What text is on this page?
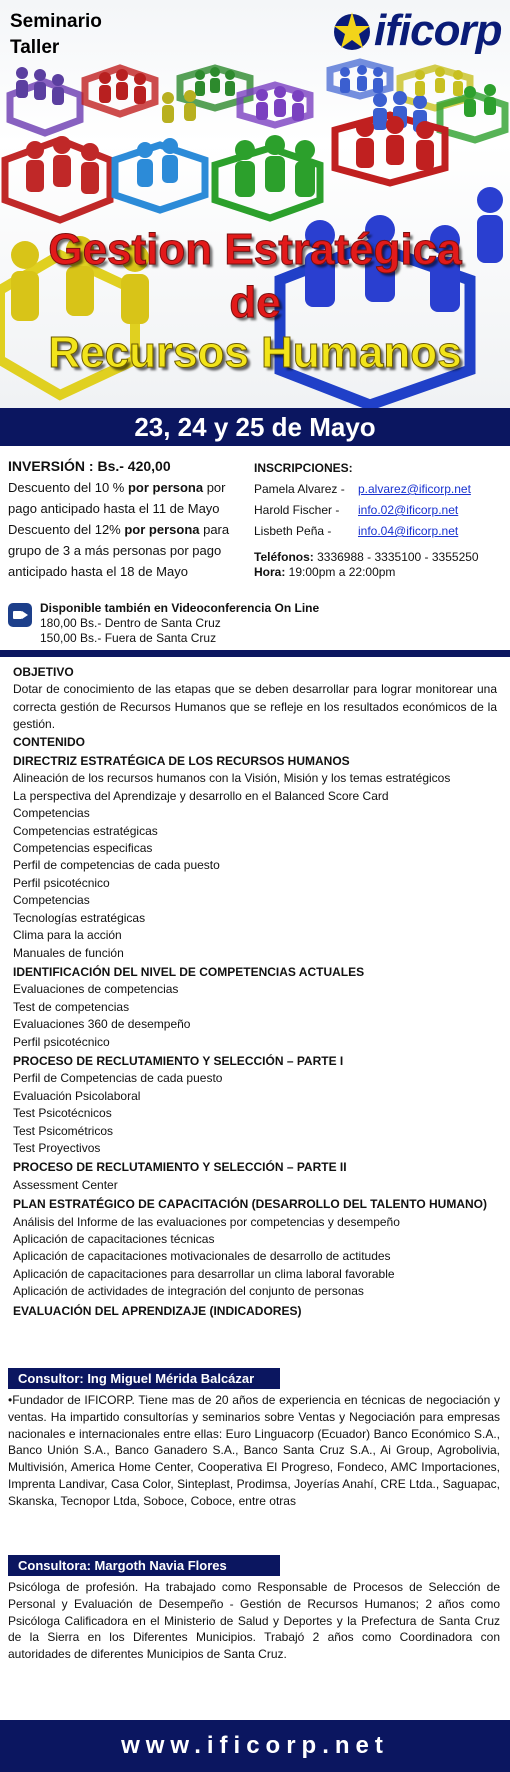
Seminario
Taller	ificorp
Gestion Estratégica
de
Recursos Humanos
23, 24 y 25 de Mayo
INVERSIÓN : Bs.- 420,00
Descuento del 10 % por persona por pago anticipado hasta el 11 de Mayo
Descuento del 12% por persona para grupo de 3 a más personas por pago anticipado hasta el 18 de Mayo
INSCRIPCIONES:
Pamela Alvarez -	p.alvarez@ificorp.net
Harold Fischer -	info.02@ificorp.net
Lisbeth Peña -	info.04@ificorp.net
Teléfonos: 3336988 - 3335100 - 3355250
Hora: 19:00pm a 22:00pm
Disponible también en Videoconferencia On Line
180,00 Bs.- Dentro de Santa Cruz
150,00 Bs.- Fuera de Santa Cruz
OBJETIVO
Dotar de conocimiento de las etapas que se deben desarrollar para lograr monitorear una correcta gestión de Recursos Humanos que se refleje en los resultados económicos de la gestión.
CONTENIDO
DIRECTRIZ ESTRATÉGICA DE LOS RECURSOS HUMANOS
Alineación de los recursos humanos con la Visión, Misión y los temas estratégicos
La perspectiva del Aprendizaje y desarrollo en el Balanced Score Card
Competencias
Competencias estratégicas
Competencias especificas
Perfil de competencias de cada puesto
Perfil psicotécnico
Competencias
Tecnologías estratégicas
Clima para la acción
Manuales de función
IDENTIFICACIÓN DEL NIVEL DE COMPETENCIAS ACTUALES
Evaluaciones de competencias
Test de competencias
Evaluaciones 360 de desempeño
Perfil psicotécnico
PROCESO DE RECLUTAMIENTO Y SELECCIÓN – PARTE I
Perfil de Competencias de cada puesto
Evaluación Psicolaboral
Test Psicotécnicos
Test Psicométricos
Test Proyectivos
PROCESO DE RECLUTAMIENTO Y SELECCIÓN – PARTE II
Assessment Center
PLAN ESTRATÉGICO DE CAPACITACIÓN (DESARROLLO DEL TALENTO HUMANO)
Análisis del Informe de las evaluaciones por competencias y desempeño
Aplicación de capacitaciones técnicas
Aplicación de capacitaciones motivacionales de desarrollo de actitudes
Aplicación de capacitaciones para desarrollar un clima laboral favorable
Aplicación de actividades de integración del conjunto de personas
EVALUACIÓN DEL APRENDIZAJE (INDICADORES)
Consultor: Ing Miguel Mérida Balcázar
•Fundador de IFICORP. Tiene mas de 20 años de experiencia en técnicas de negociación y ventas. Ha impartido consultorías y seminarios sobre Ventas y Negociación para empresas nacionales e internacionales entre ellas: Euro Linguacorp (Ecuador) Banco Económico S.A., Banco Unión S.A., Banco Ganadero S.A., Banco Santa Cruz S.A., Ai Group, Agrobolivia, Multivisión, America Home Center, Cooperativa El Progreso, Fondeco, AMC Importaciones, Imprenta Landivar, Casa Color, Sinteplast, Prodimsa, Joyerías Anahí, CRE Ltda., Saguapac, Skanska, Tecnopor Ltda, Soboce, Coboce, entre otras
Consultora: Margoth Navia Flores
Psicóloga de profesión. Ha trabajado como Responsable de Procesos de Selección de Personal y Evaluación de Desempeño - Gestión de Recursos Humanos; 2 años como Psicóloga Calificadora en el Ministerio de Salud y Deportes y la Prefectura de Santa Cruz de la Sierra en los Diferentes Municipios. Trabajó 2 años como Coordinadora con autoridades de diferentes Municipios de Santa Cruz.
www.ificorp.net
